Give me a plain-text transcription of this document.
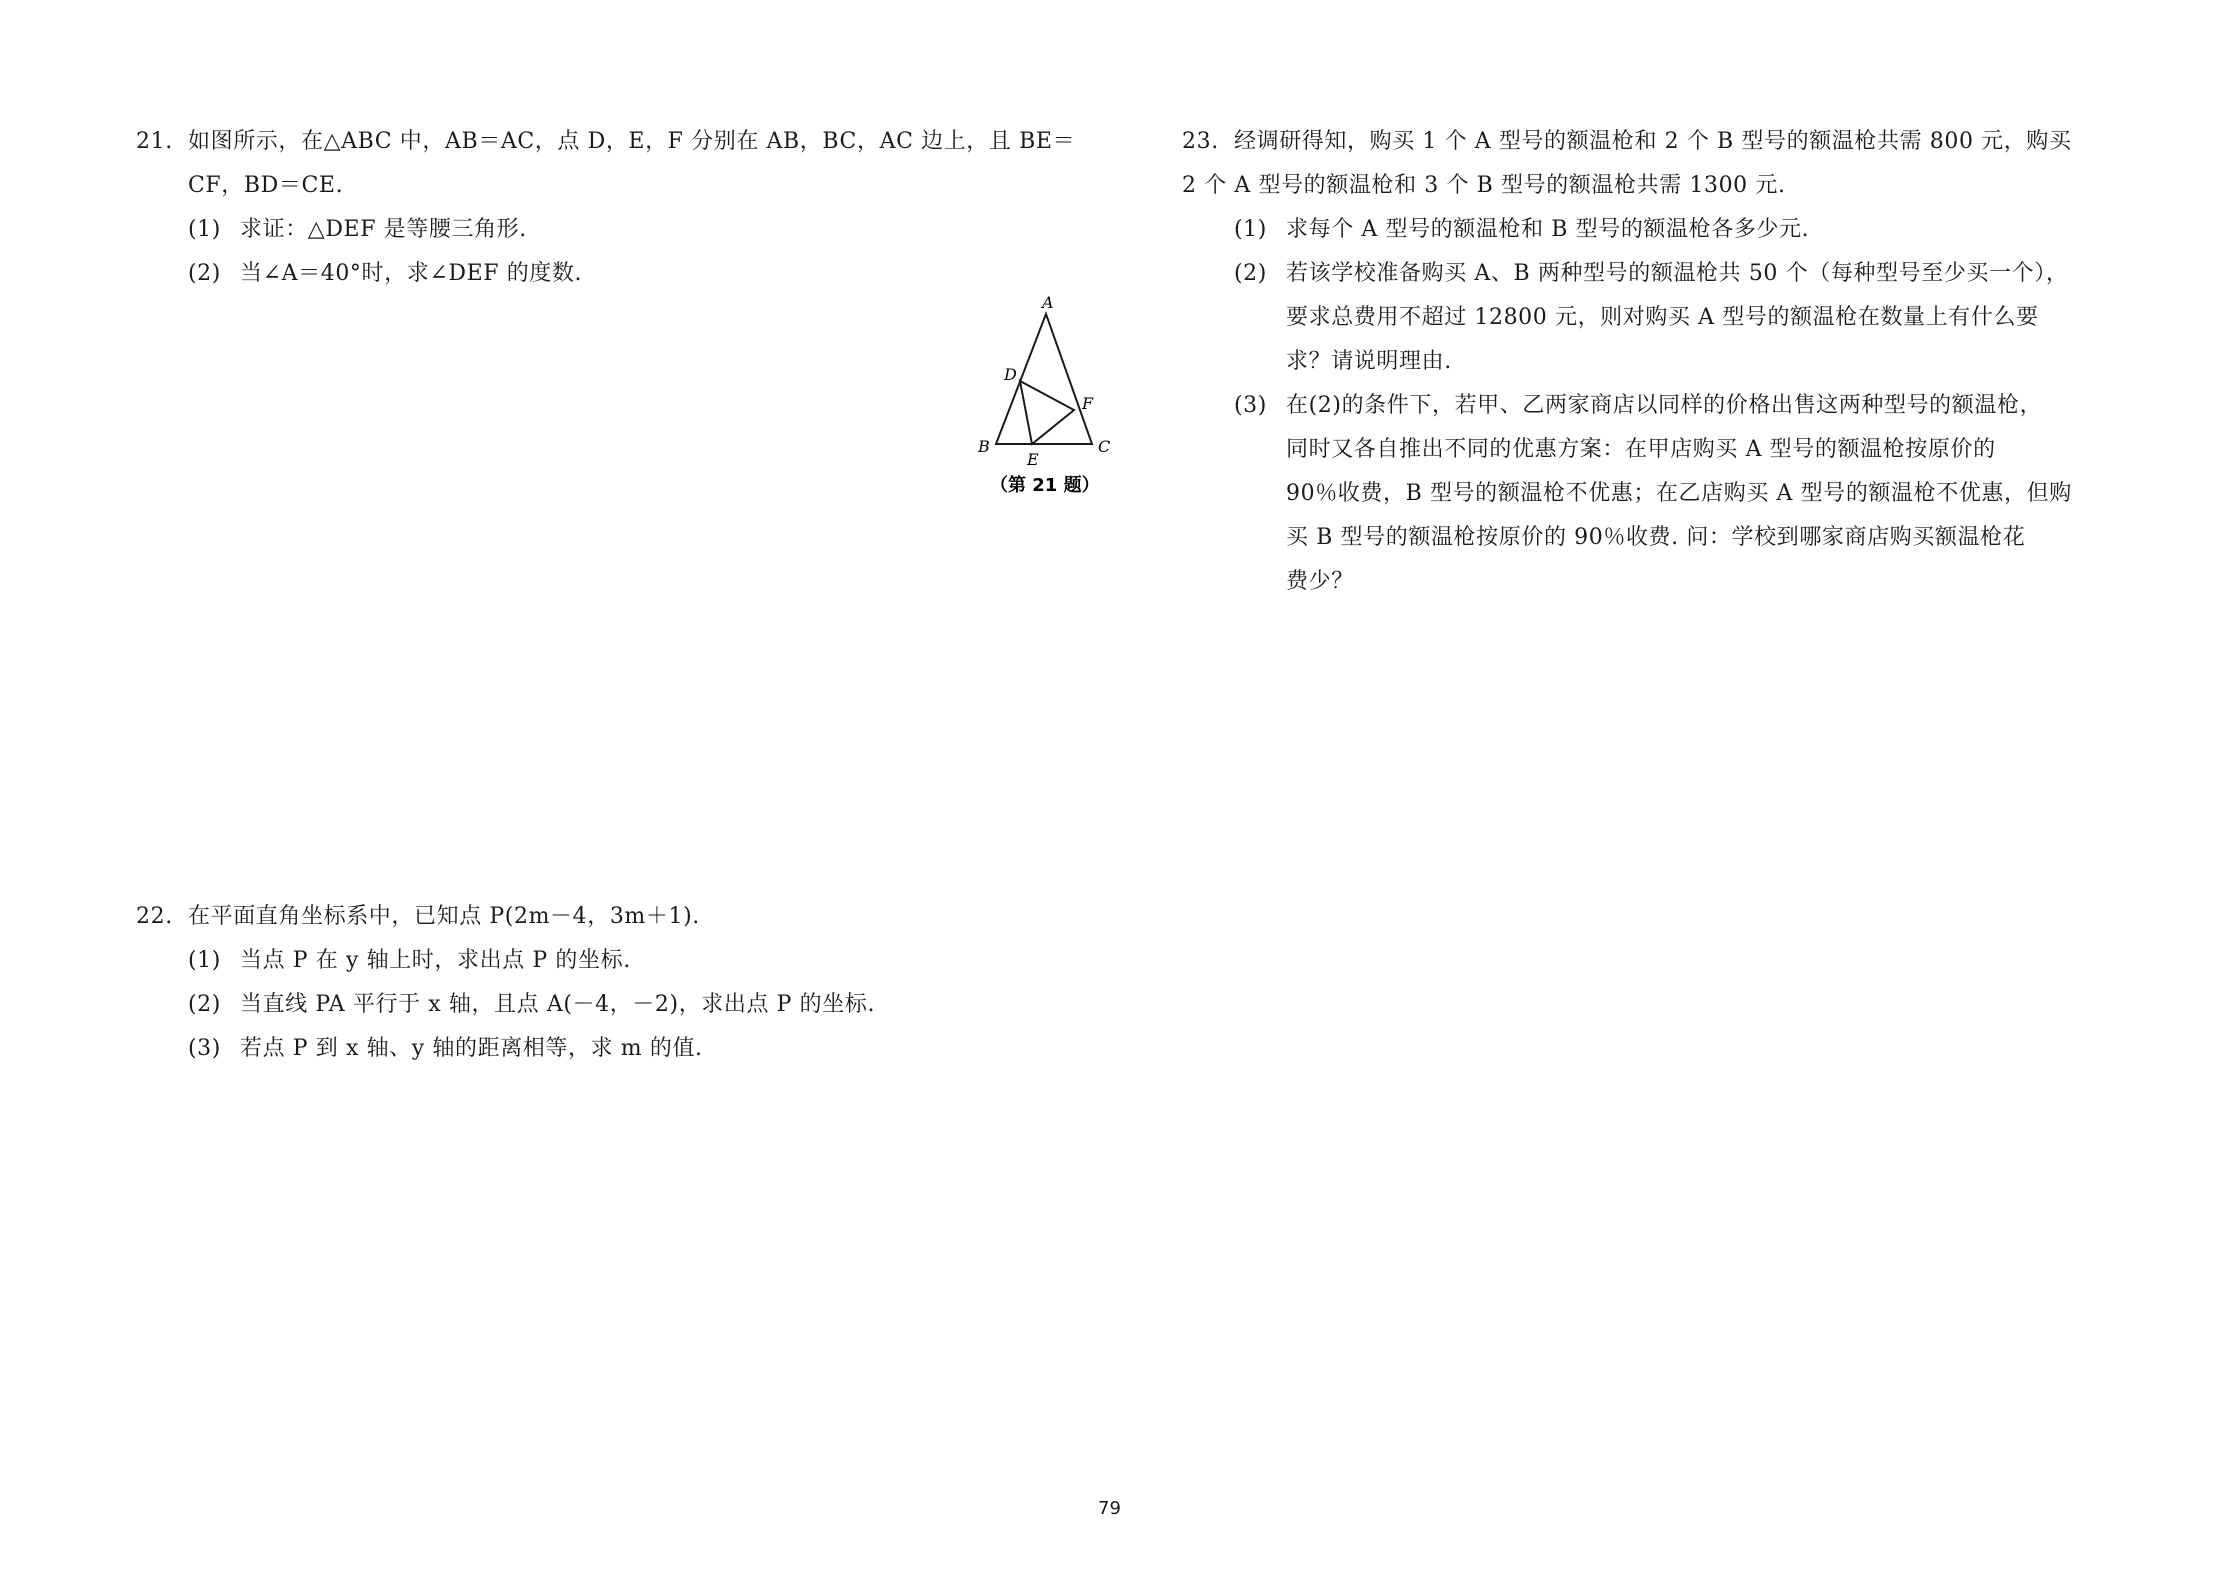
21. 如图所示，在△ABC 中，AB＝AC，点 D，E，F 分别在 AB，BC，AC 边上，且 BE＝
CF，BD＝CE.
(1) 求证：△DEF 是等腰三角形.
(2) 当∠A＝40°时，求∠DEF 的度数.
A
B	C
D
E
F
（第 21 题）
22. 在平面直角坐标系中，已知点 P(2m－4，3m＋1).
(1) 当点 P 在 y 轴上时，求出点 P 的坐标.
(2) 当直线 PA 平行于 x 轴，且点 A(－4，－2)，求出点 P 的坐标.
(3) 若点 P 到 x 轴、y 轴的距离相等，求 m 的值.
23. 经调研得知，购买 1 个 A 型号的额温枪和 2 个 B 型号的额温枪共需 800 元，购买
2 个 A 型号的额温枪和 3 个 B 型号的额温枪共需 1300 元.
(1) 求每个 A 型号的额温枪和 B 型号的额温枪各多少元.
(2) 若该学校准备购买 A、B 两种型号的额温枪共 50 个（每种型号至少买一个），
要求总费用不超过 12800 元，则对购买 A 型号的额温枪在数量上有什么要
求？请说明理由.
(3) 在(2)的条件下，若甲、乙两家商店以同样的价格出售这两种型号的额温枪，
同时又各自推出不同的优惠方案：在甲店购买 A 型号的额温枪按原价的
90％收费，B 型号的额温枪不优惠；在乙店购买 A 型号的额温枪不优惠，但购
买 B 型号的额温枪按原价的 90％收费. 问：学校到哪家商店购买额温枪花
费少？
79
